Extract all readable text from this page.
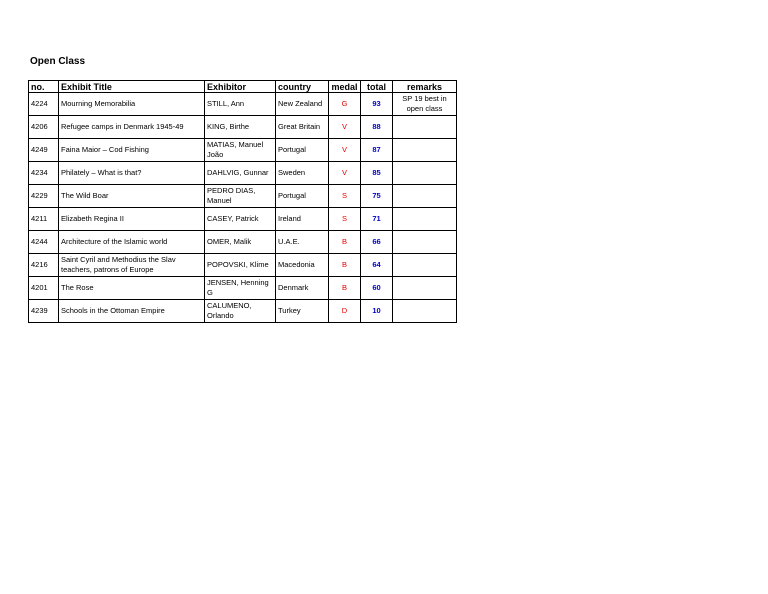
Open Class
no.	Exhibit Title	Exhibitor	country	medal	total	remarks
4224	Mourning Memorabilia	STILL, Ann	New Zealand	G	93	SP 19 best in open class
4206	Refugee camps in Denmark 1945-49	KING, Birthe	Great Britain	V	88	
4249	Faina Maior – Cod Fishing	MATIAS, Manuel João	Portugal	V	87	
4234	Philately – What is that?	DAHLVIG, Gunnar	Sweden	V	85	
4229	The Wild Boar	PEDRO DIAS, Manuel	Portugal	S	75	
4211	Elizabeth Regina II	CASEY, Patrick	Ireland	S	71	
4244	Architecture of the Islamic world	OMER, Malik	U.A.E.	B	66	
4216	Saint Cyril and Methodius the Slav teachers, patrons of Europe	POPOVSKI, Klime	Macedonia	B	64	
4201	The Rose	JENSEN, Henning G	Denmark	B	60	
4239	Schools in the Ottoman Empire	CALUMENO, Orlando	Turkey	D	10	
